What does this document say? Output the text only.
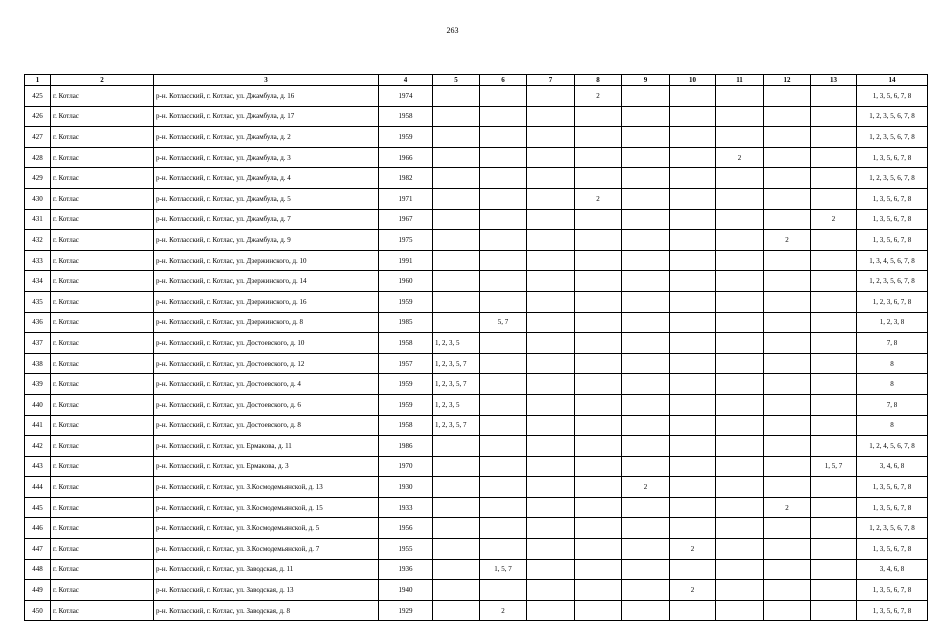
263
1	2	3	4	5	6	7	8	9	10	11	12	13	14
425	г. Котлас	р-н. Котласский, г. Котлас, ул. Джамбула, д. 16	1974				2						1, 3, 5, 6, 7, 8
426	г. Котлас	р-н. Котласский, г. Котлас, ул. Джамбула, д. 17	1958										1, 2, 3, 5, 6, 7, 8
427	г. Котлас	р-н. Котласский, г. Котлас, ул. Джамбула, д. 2	1959										1, 2, 3, 5, 6, 7, 8
428	г. Котлас	р-н. Котласский, г. Котлас, ул. Джамбула, д. 3	1966							2			1, 3, 5, 6, 7, 8
429	г. Котлас	р-н. Котласский, г. Котлас, ул. Джамбула, д. 4	1982										1, 2, 3, 5, 6, 7, 8
430	г. Котлас	р-н. Котласский, г. Котлас, ул. Джамбула, д. 5	1971				2						1, 3, 5, 6, 7, 8
431	г. Котлас	р-н. Котласский, г. Котлас, ул. Джамбула, д. 7	1967									2	1, 3, 5, 6, 7, 8
432	г. Котлас	р-н. Котласский, г. Котлас, ул. Джамбула, д. 9	1975								2		1, 3, 5, 6, 7, 8
433	г. Котлас	р-н. Котласский, г. Котлас, ул. Дзержинского, д. 10	1991										1, 3, 4, 5, 6, 7, 8
434	г. Котлас	р-н. Котласский, г. Котлас, ул. Дзержинского, д. 14	1960										1, 2, 3, 5, 6, 7, 8
435	г. Котлас	р-н. Котласский, г. Котлас, ул. Дзержинского, д. 16	1959										1, 2, 3, 6, 7, 8
436	г. Котлас	р-н. Котласский, г. Котлас, ул. Дзержинского, д. 8	1985		5, 7								1, 2, 3, 8
437	г. Котлас	р-н. Котласский, г. Котлас, ул. Достоевского, д. 10	1958	1, 2, 3, 5									7, 8
438	г. Котлас	р-н. Котласский, г. Котлас, ул. Достоевского, д. 12	1957	1, 2, 3, 5, 7									8
439	г. Котлас	р-н. Котласский, г. Котлас, ул. Достоевского, д. 4	1959	1, 2, 3, 5, 7									8
440	г. Котлас	р-н. Котласский, г. Котлас, ул. Достоевского, д. 6	1959	1, 2, 3, 5									7, 8
441	г. Котлас	р-н. Котласский, г. Котлас, ул. Достоевского, д. 8	1958	1, 2, 3, 5, 7									8
442	г. Котлас	р-н. Котласский, г. Котлас, ул. Ермакова, д. 11	1986										1, 2, 4, 5, 6, 7, 8
443	г. Котлас	р-н. Котласский, г. Котлас, ул. Ермакова, д. 3	1970									1, 5, 7	3, 4, 6, 8
444	г. Котлас	р-н. Котласский, г. Котлас, ул. З.Космодемьянской, д. 13	1930					2					1, 3, 5, 6, 7, 8
445	г. Котлас	р-н. Котласский, г. Котлас, ул. З.Космодемьянской, д. 15	1933								2		1, 3, 5, 6, 7, 8
446	г. Котлас	р-н. Котласский, г. Котлас, ул. З.Космодемьянской, д. 5	1956										1, 2, 3, 5, 6, 7, 8
447	г. Котлас	р-н. Котласский, г. Котлас, ул. З.Космодемьянской, д. 7	1955						2				1, 3, 5, 6, 7, 8
448	г. Котлас	р-н. Котласский, г. Котлас, ул. Заводская, д. 11	1936		1, 5, 7								3, 4, 6, 8
449	г. Котлас	р-н. Котласский, г. Котлас, ул. Заводская, д. 13	1940						2				1, 3, 5, 6, 7, 8
450	г. Котлас	р-н. Котласский, г. Котлас, ул. Заводская, д. 8	1929		2								1, 3, 5, 6, 7, 8
